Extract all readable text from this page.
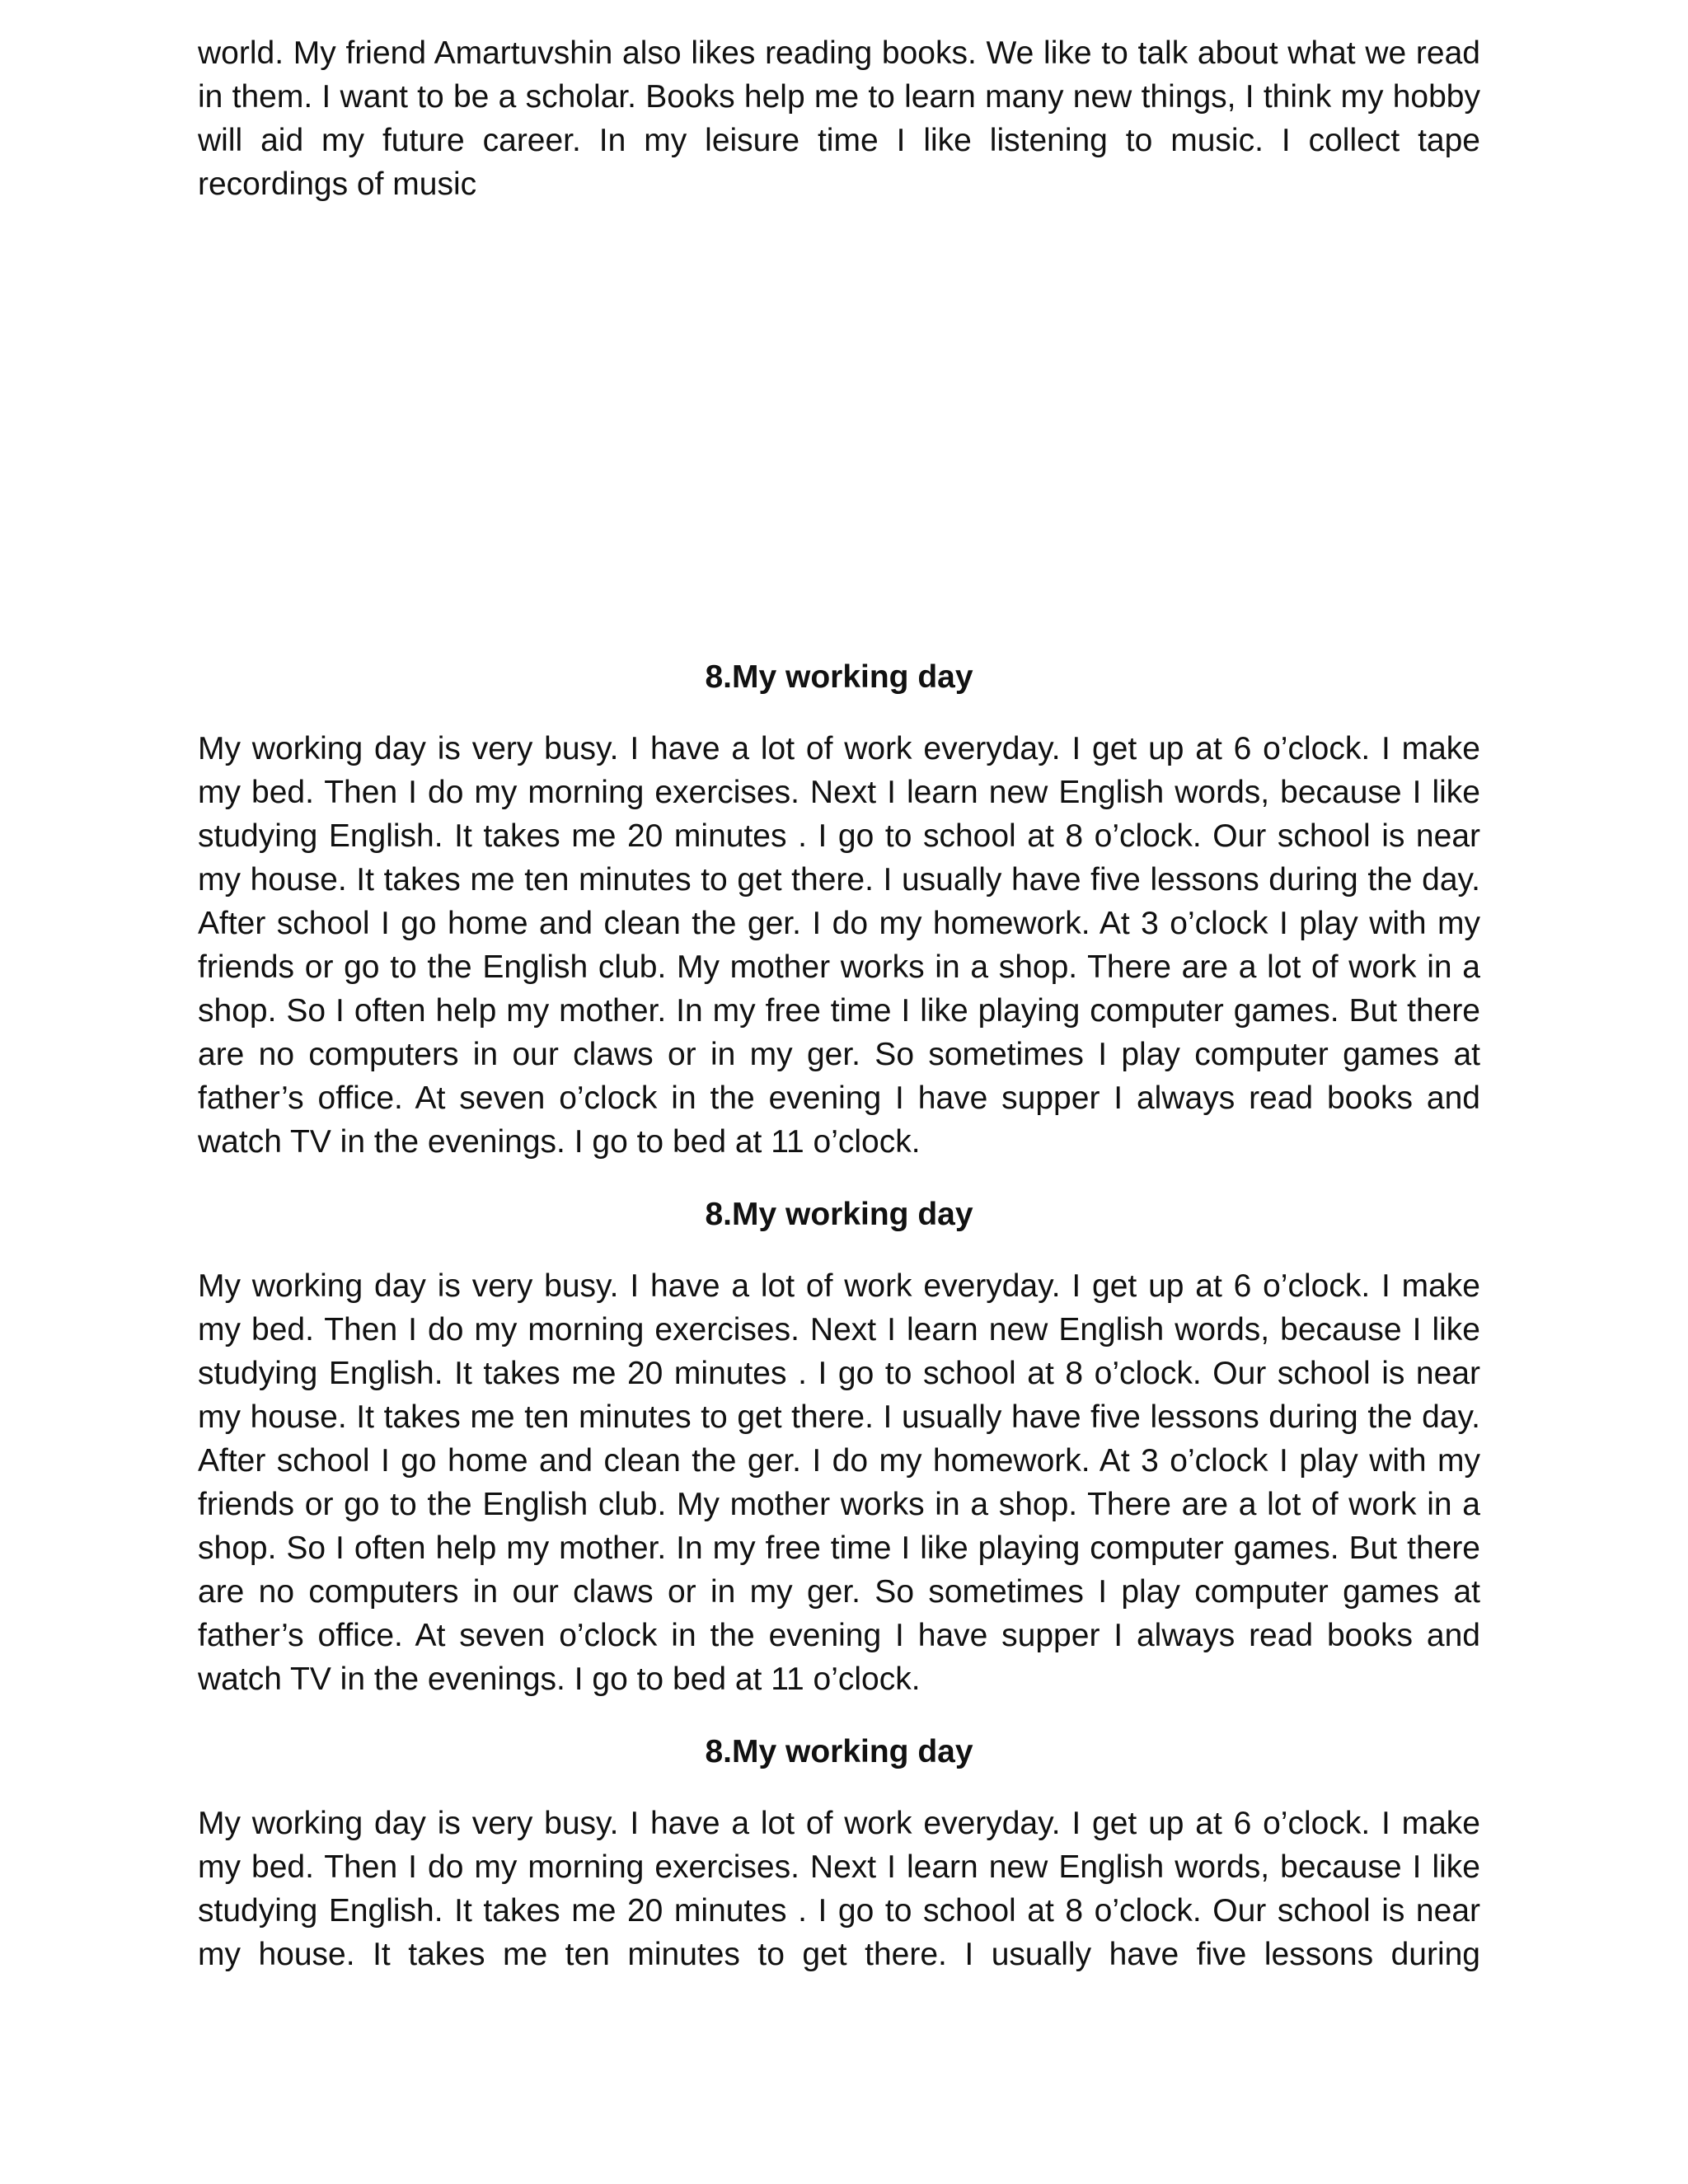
world. My friend Amartuvshin also likes reading books. We like to talk about what we read in them. I want to be a scholar. Books help me to learn many new things, I think my hobby will aid my future career. In my leisure time I like listening to music. I collect tape recordings of music

8.My working day

My working day is very busy. I have a lot of work everyday. I get up at 6 o’clock. I make my bed. Then I do my morning exercises. Next I learn new English words, because I like studying English. It takes me 20 minutes . I go to school at 8 o’clock. Our school is near my house. It takes me ten minutes to get there. I usually have five lessons during the day. After school I go home and clean the ger. I do my homework. At 3 o’clock I play with my friends or go to the English club. My mother works in a shop. There are a lot of work in a shop. So I often help my mother. In my free time I like playing computer games. But there are no computers in our claws or in my ger. So sometimes I play computer games at father’s office. At seven o’clock in the evening I have supper I always read books and watch TV in the evenings. I go to bed at 11 o’clock.

8.My working day

My working day is very busy. I have a lot of work everyday. I get up at 6 o’clock. I make my bed. Then I do my morning exercises. Next I learn new English words, because I like studying English. It takes me 20 minutes . I go to school at 8 o’clock. Our school is near my house. It takes me ten minutes to get there. I usually have five lessons during the day. After school I go home and clean the ger. I do my homework. At 3 o’clock I play with my friends or go to the English club. My mother works in a shop. There are a lot of work in a shop. So I often help my mother. In my free time I like playing computer games. But there are no computers in our claws or in my ger. So sometimes I play computer games at father’s office. At seven o’clock in the evening I have supper I always read books and watch TV in the evenings. I go to bed at 11 o’clock.

8.My working day

My working day is very busy. I have a lot of work everyday. I get up at 6 o’clock. I make my bed. Then I do my morning exercises. Next I learn new English words, because I like studying English. It takes me 20 minutes . I go to school at 8 o’clock. Our school is near my house. It takes me ten minutes to get there. I usually have five lessons during
